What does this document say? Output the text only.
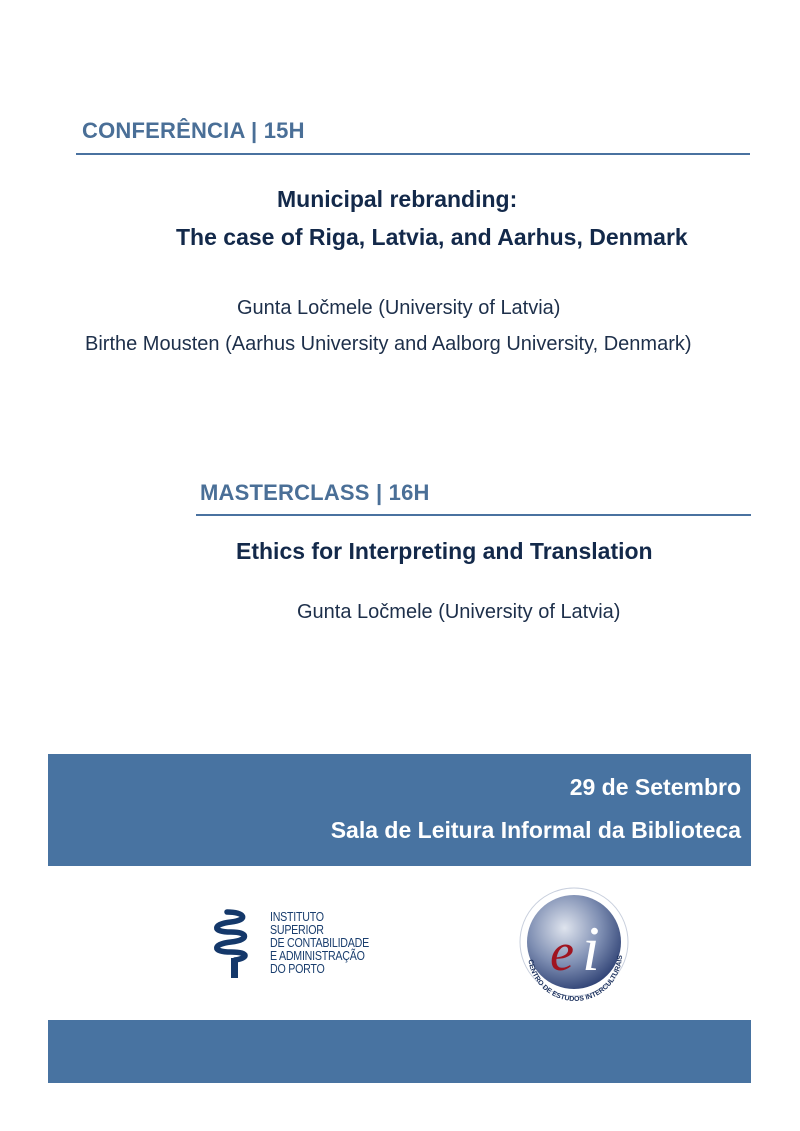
CONFERÊNCIA | 15H
Municipal rebranding:
The case of Riga, Latvia, and Aarhus, Denmark
Gunta Ločmele (University of Latvia)
Birthe Mousten (Aarhus University and Aalborg University, Denmark)
MASTERCLASS | 16H
Ethics for Interpreting and Translation
Gunta Ločmele (University of Latvia)
29 de Setembro
Sala de Leitura Informal da Biblioteca
INSTITUTO
SUPERIOR
DE CONTABILIDADE
E ADMINISTRAÇÃO
DO PORTO	e i
CENTRO DE ESTUDOS INTERCULTURAIS
